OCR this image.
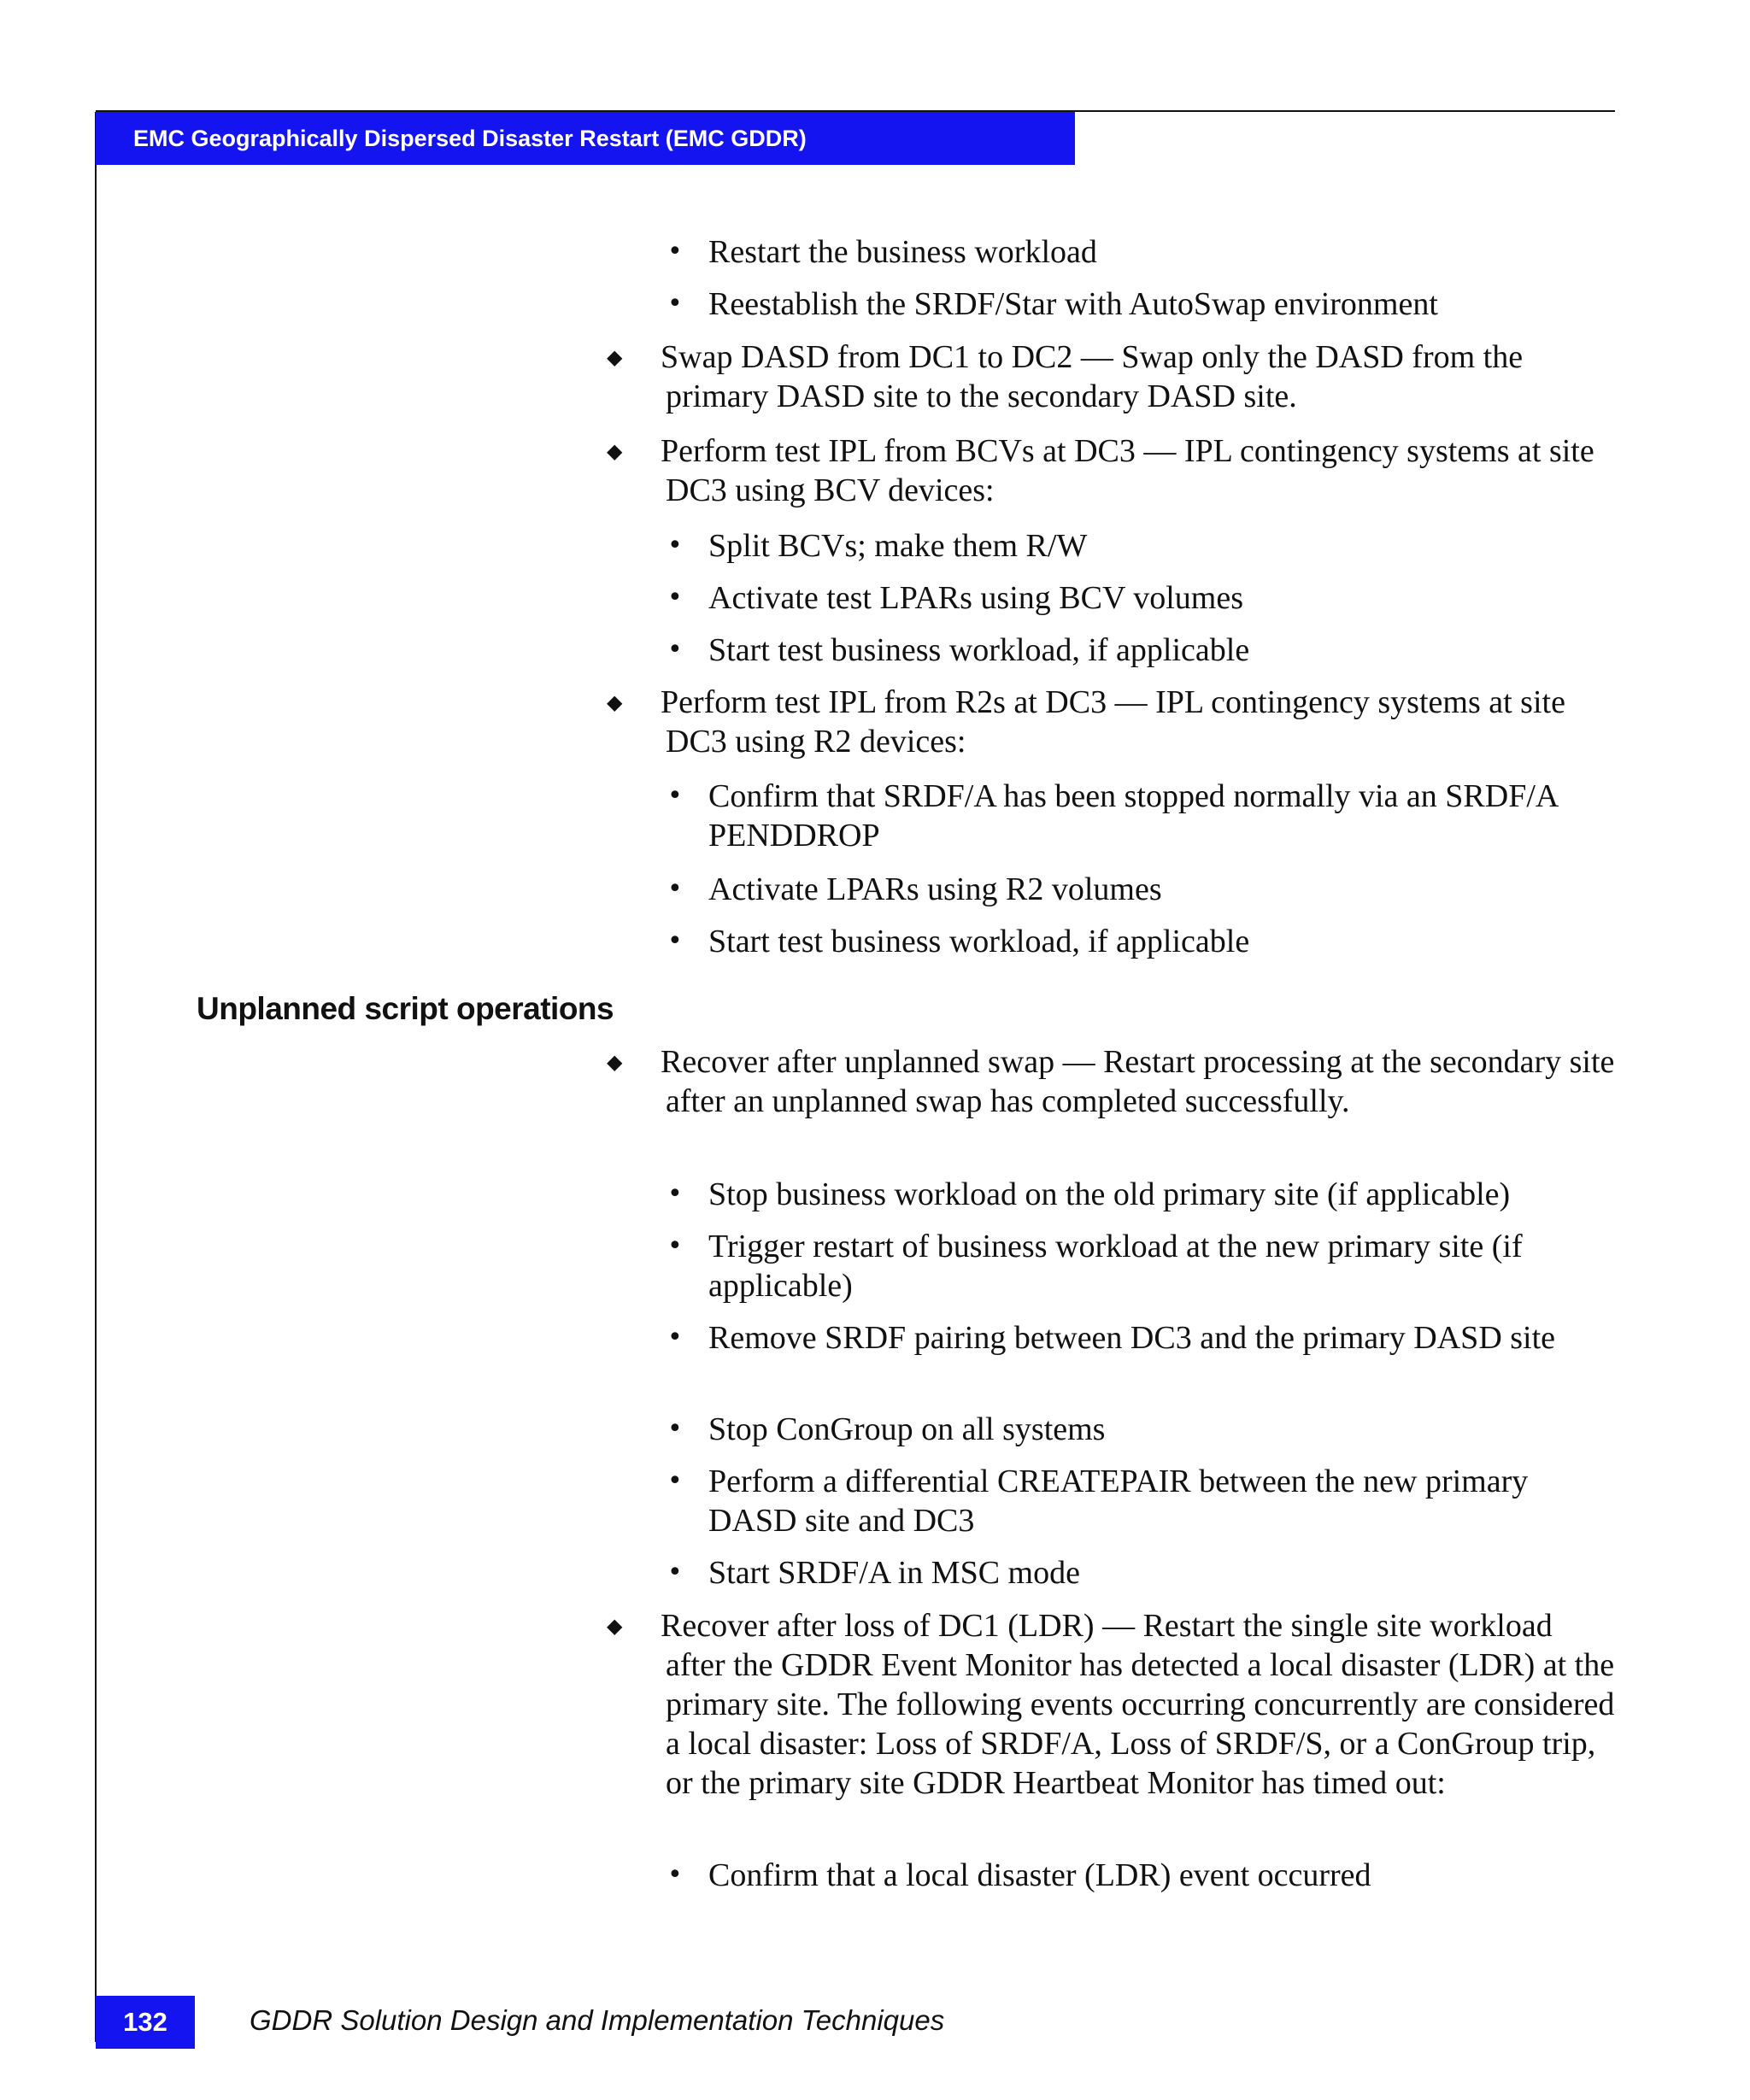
EMC Geographically Dispersed Disaster Restart (EMC GDDR)
• Restart the business workload
• Reestablish the SRDF/Star with AutoSwap environment
◆ Swap DASD from DC1 to DC2 — Swap only the DASD from the primary DASD site to the secondary DASD site.
◆ Perform test IPL from BCVs at DC3 — IPL contingency systems at site DC3 using BCV devices:
• Split BCVs; make them R/W
• Activate test LPARs using BCV volumes
• Start test business workload, if applicable
◆ Perform test IPL from R2s at DC3 — IPL contingency systems at site DC3 using R2 devices:
• Confirm that SRDF/A has been stopped normally via an SRDF/A PENDDROP
• Activate LPARs using R2 volumes
• Start test business workload, if applicable
Unplanned script operations
◆ Recover after unplanned swap — Restart processing at the secondary site after an unplanned swap has completed successfully.
• Stop business workload on the old primary site (if applicable)
• Trigger restart of business workload at the new primary site (if applicable)
• Remove SRDF pairing between DC3 and the primary DASD site
• Stop ConGroup on all systems
• Perform a differential CREATEPAIR between the new primary DASD site and DC3
• Start SRDF/A in MSC mode
◆ Recover after loss of DC1 (LDR) — Restart the single site workload after the GDDR Event Monitor has detected a local disaster (LDR) at the primary site. The following events occurring concurrently are considered a local disaster: Loss of SRDF/A, Loss of SRDF/S, or a ConGroup trip, or the primary site GDDR Heartbeat Monitor has timed out:
• Confirm that a local disaster (LDR) event occurred
132	GDDR Solution Design and Implementation Techniques
